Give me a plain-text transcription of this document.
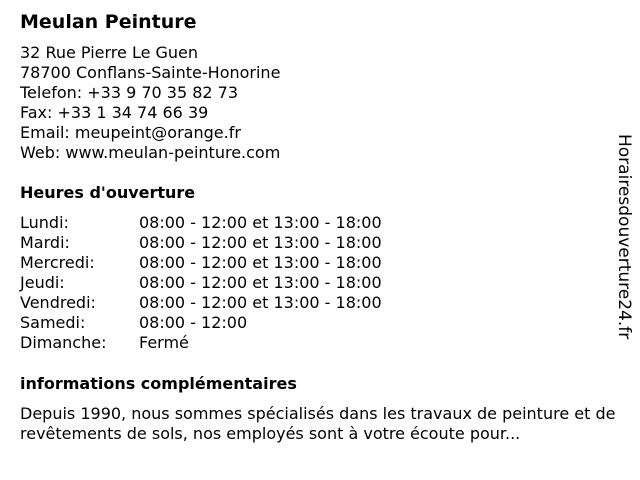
Meulan Peinture
32 Rue Pierre Le Guen
78700 Conflans-Sainte-Honorine
Telefon: +33 9 70 35 82 73
Fax: +33 1 34 74 66 39
Email: meupeint@orange.fr
Web: www.meulan-peinture.com
Heures d'ouverture
Lundi:	08:00 - 12:00 et 13:00 - 18:00
Mardi:	08:00 - 12:00 et 13:00 - 18:00
Mercredi:	08:00 - 12:00 et 13:00 - 18:00
Jeudi:	08:00 - 12:00 et 13:00 - 18:00
Vendredi:	08:00 - 12:00 et 13:00 - 18:00
Samedi:	08:00 - 12:00
Dimanche: Fermé
informations complémentaires
Depuis 1990, nous sommes spécialisés dans les travaux de peinture et de revêtements de sols, nos employés sont à votre écoute pour...
Horairesdouverture24.fr
